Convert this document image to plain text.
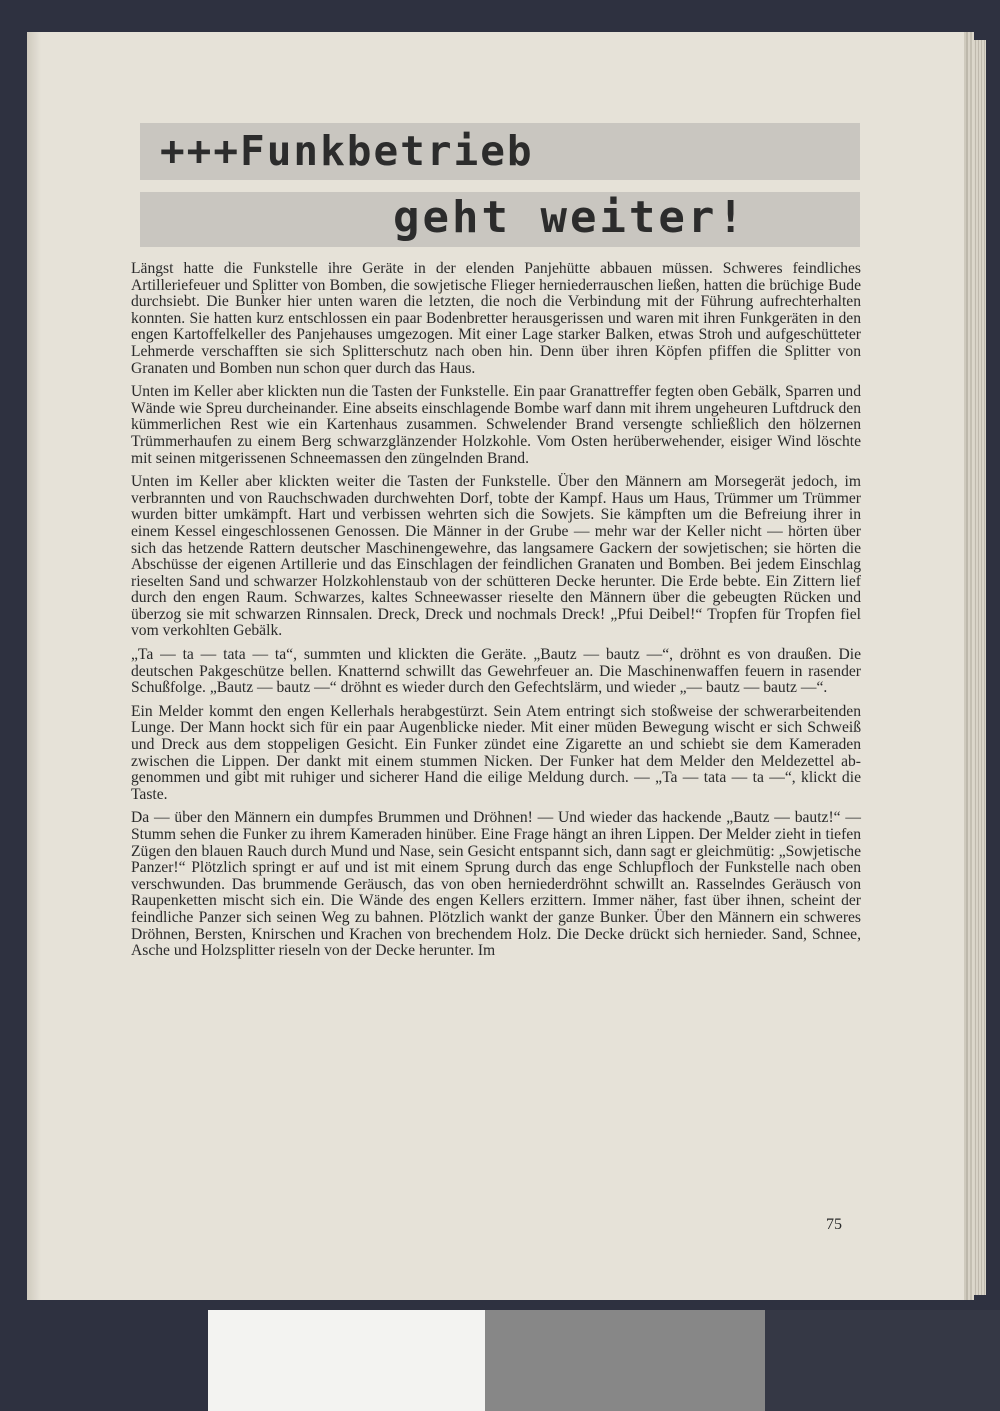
+++Funkbetrieb
geht weiter!

Längst hatte die Funkstelle ihre Geräte in der elenden Panjehütte abbauen müssen. Schweres feindliches Artilleriefeuer und Splitter von Bomben, die sowjetische Flieger herniederrauschen ließen, hatten die brüchige Bude durchsiebt. Die Bunker hier unten waren die letzten, die noch die Verbindung mit der Führung aufrechterhalten konnten. Sie hatten kurz entschlossen ein paar Bodenbretter herausgerissen und waren mit ihren Funkgeräten in den engen Kartoffelkeller des Panjehauses umgezogen. Mit einer Lage starker Balken, etwas Stroh und aufgeschütteter Lehmerde verschafften sie sich Splitterschutz nach oben hin. Denn über ihren Köpfen pfiffen die Splitter von Granaten und Bomben nun schon quer durch das Haus.

Unten im Keller aber klickten nun die Tasten der Funkstelle. Ein paar Granattreffer fegten oben Gebälk, Sparren und Wände wie Spreu durcheinander. Eine abseits einschlagende Bombe warf dann mit ihrem ungeheuren Luftdruck den kümmerlichen Rest wie ein Kartenhaus zusammen. Schwelender Brand versengte schließlich den hölzernen Trümmerhaufen zu einem Berg schwarzglänzender Holzkohle. Vom Osten herüberwehender, eisiger Wind löschte mit seinen mitgerissenen Schneemassen den züngelnden Brand.

Unten im Keller aber klickten weiter die Tasten der Funkstelle. Über den Männern am Morsegerät jedoch, im verbrannten und von Rauchschwaden durchwehten Dorf, tobte der Kampf. Haus um Haus, Trümmer um Trümmer wurden bitter umkämpft. Hart und verbissen wehrten sich die Sowjets. Sie kämpften um die Befreiung ihrer in einem Kessel eingeschlossenen Genossen. Die Männer in der Grube — mehr war der Keller nicht — hörten über sich das hetzende Rattern deutscher Maschinengewehre, das langsamere Gackern der sowjetischen; sie hörten die Abschüsse der eigenen Artillerie und das Einschlagen der feindlichen Granaten und Bomben. Bei jedem Einschlag rieselten Sand und schwarzer Holzkohlenstaub von der schütteren Decke herunter. Die Erde bebte. Ein Zittern lief durch den engen Raum. Schwarzes, kaltes Schneewasser rieselte den Männern über die gebeugten Rücken und überzog sie mit schwarzen Rinnsalen. Dreck, Dreck und nochmals Dreck! „Pfui Deibel!“ Tropfen für Tropfen fiel vom verkohlten Gebälk.

„Ta — ta — tata — ta“, summten und klickten die Geräte. „Bautz — bautz —“, dröhnt es von draußen. Die deutschen Pakgeschütze bellen. Knatternd schwillt das Gewehrfeuer an. Die Maschinenwaffen feuern in rasender Schußfolge. „Bautz — bautz —“ dröhnt es wieder durch den Gefechtslärm, und wieder „— bautz — bautz —“.

Ein Melder kommt den engen Kellerhals herabgestürzt. Sein Atem entringt sich stoßweise der schwerarbeitenden Lunge. Der Mann hockt sich für ein paar Augenblicke nieder. Mit einer müden Bewegung wischt er sich Schweiß und Dreck aus dem stoppeligen Gesicht. Ein Funker zündet eine Zigarette an und schiebt sie dem Kameraden zwischen die Lippen. Der dankt mit einem stummen Nicken. Der Funker hat dem Melder den Meldezettel abgenommen und gibt mit ruhiger und sicherer Hand die eilige Meldung durch. — „Ta — tata — ta —“, klickt die Taste.

Da — über den Männern ein dumpfes Brummen und Dröhnen! — Und wieder das hackende „Bautz — bautz!“ — Stumm sehen die Funker zu ihrem Kameraden hinüber. Eine Frage hängt an ihren Lippen. Der Melder zieht in tiefen Zügen den blauen Rauch durch Mund und Nase, sein Gesicht entspannt sich, dann sagt er gleichmütig: „Sowjetische Panzer!“ Plötzlich springt er auf und ist mit einem Sprung durch das enge Schlupfloch der Funkstelle nach oben verschwunden. Das brummende Geräusch, das von oben herniederdröhnt schwillt an. Rasselndes Geräusch von Raupenketten mischt sich ein. Die Wände des engen Kellers erzittern. Immer näher, fast über ihnen, scheint der feindliche Panzer sich seinen Weg zu bahnen. Plötzlich wankt der ganze Bunker. Über den Männern ein schweres Dröhnen, Bersten, Knirschen und Krachen von brechendem Holz. Die Decke drückt sich hernieder. Sand, Schnee, Asche und Holzsplitter rieseln von der Decke herunter. Im

75
